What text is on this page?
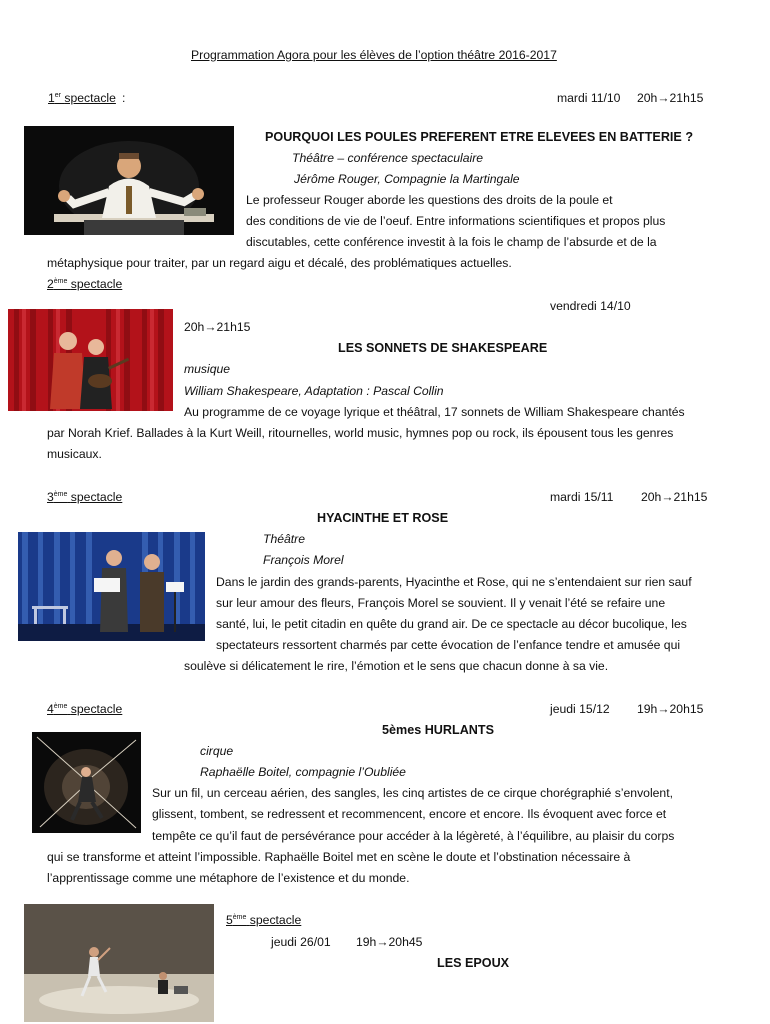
Programmation Agora pour les élèves de l’option théâtre 2016-2017
1er spectacle :	mardi 11/10 20h→21h15
POURQUOI LES POULES PREFERENT ETRE ELEVEES EN BATTERIE ?
Théâtre – conférence spectaculaire
Jérôme Rouger, Compagnie la Martingale
Le professeur Rouger aborde les questions des droits de la poule et
des conditions de vie de l’oeuf. Entre informations scientifiques et propos plus
discutables, cette conférence investit à la fois le champ de l’absurde et de la
métaphysique pour traiter, par un regard aigu et décalé, des problématiques actuelles.
2ème spectacle
vendredi 14/10
20h→21h15
LES SONNETS DE SHAKESPEARE
musique
William Shakespeare, Adaptation : Pascal Collin
Au programme de ce voyage lyrique et théâtral, 17 sonnets de William Shakespeare chantés
par Norah Krief. Ballades à la Kurt Weill, ritournelles, world music, hymnes pop ou rock, ils épousent tous les genres
musicaux.
3ème spectacle	mardi 15/11 20h→21h15
HYACINTHE ET ROSE
Théâtre
François Morel
Dans le jardin des grands-parents, Hyacinthe et Rose, qui ne s’entendaient sur rien sauf
sur leur amour des fleurs, François Morel se souvient. Il y venait l’été se refaire une
santé, lui, le petit citadin en quête du grand air. De ce spectacle au décor bucolique, les
spectateurs ressortent charmés par cette évocation de l’enfance tendre et amusée qui
soulève si délicatement le rire, l’émotion et le sens que chacun donne à sa vie.
4ème spectacle	jeudi 15/12 19h→20h15
5èmes HURLANTS
cirque
Raphaëlle Boitel, compagnie l’Oubliée
Sur un fil, un cerceau aérien, des sangles, les cinq artistes de ce cirque chorégraphié s’envolent,
glissent, tombent, se redressent et recommencent, encore et encore. Ils évoquent avec force et
tempête ce qu’il faut de persévérance pour accéder à la légèreté, à l’équilibre, au plaisir du corps
qui se transforme et atteint l’impossible. Raphaëlle Boitel met en scène le doute et l’obstination nécessaire à
l’apprentissage comme une métaphore de l’existence et du monde.
5ème spectacle
jeudi 26/01 19h→20h45
LES EPOUX
